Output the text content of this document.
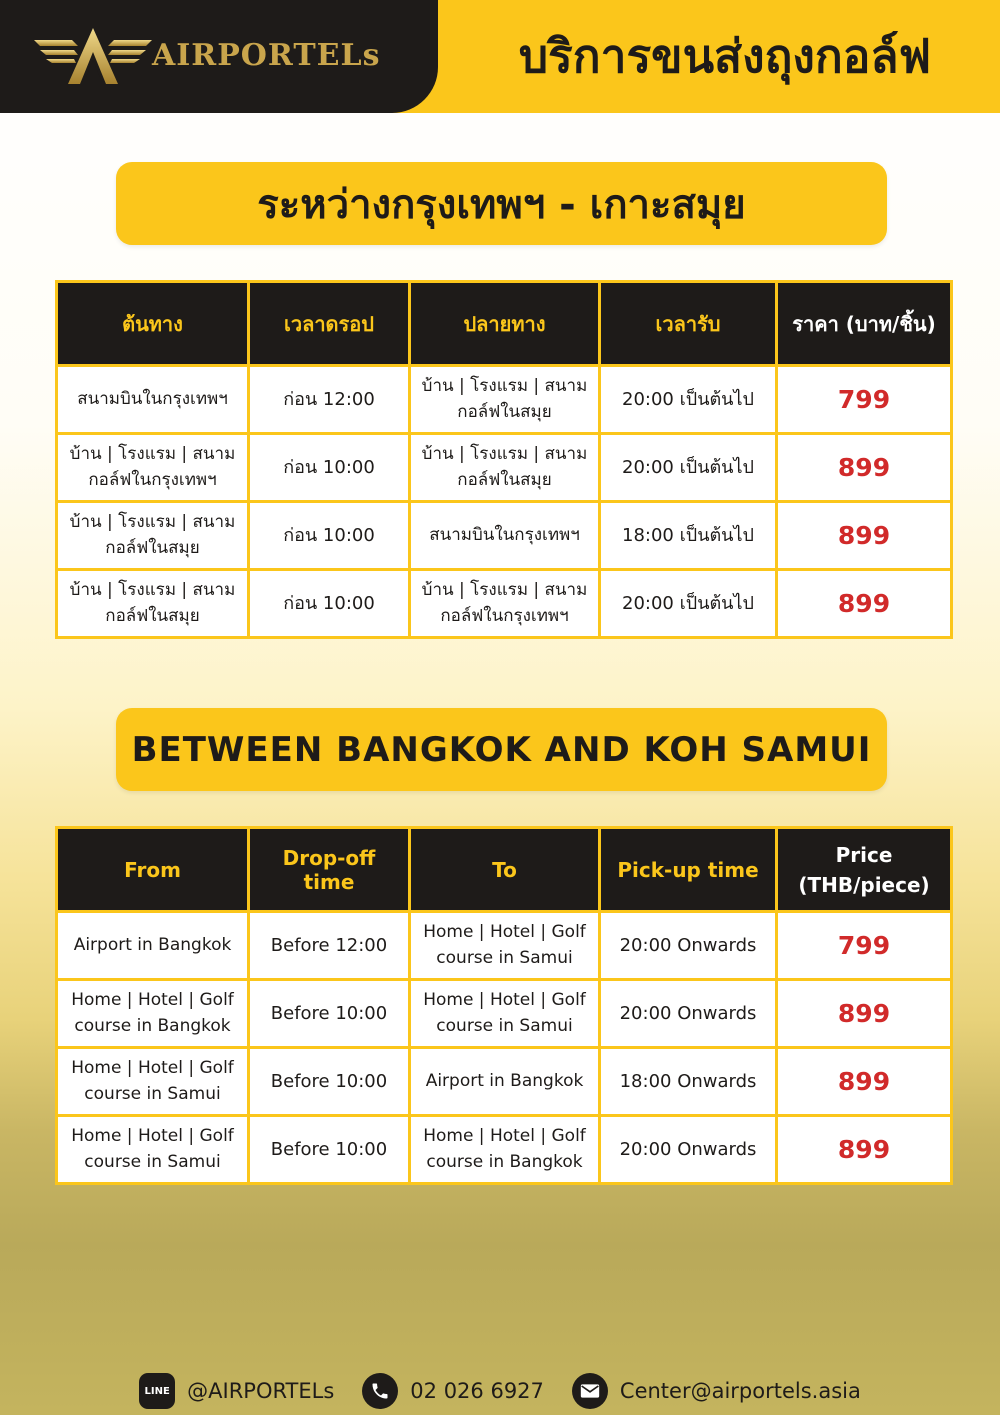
AIRPORTELs	บริการขนส่งถุงกอล์ฟ
ระหว่างกรุงเทพฯ - เกาะสมุย
ต้นทาง	เวลาดรอป	ปลายทาง	เวลารับ	ราคา (บาท/ชิ้น)
สนามบินในกรุงเทพฯ	ก่อน 12:00	บ้าน | โรงแรม | สนามกอล์ฟในสมุย	20:00 เป็นต้นไป	799
บ้าน | โรงแรม | สนามกอล์ฟในกรุงเทพฯ	ก่อน 10:00	บ้าน | โรงแรม | สนามกอล์ฟในสมุย	20:00 เป็นต้นไป	899
บ้าน | โรงแรม | สนามกอล์ฟในสมุย	ก่อน 10:00	สนามบินในกรุงเทพฯ	18:00 เป็นต้นไป	899
บ้าน | โรงแรม | สนามกอล์ฟในสมุย	ก่อน 10:00	บ้าน | โรงแรม | สนามกอล์ฟในกรุงเทพฯ	20:00 เป็นต้นไป	899
BETWEEN BANGKOK AND KOH SAMUI
From	Drop-off time	To	Pick-up time	Price (THB/piece)
Airport in Bangkok	Before 12:00	Home | Hotel | Golf course in Samui	20:00 Onwards	799
Home | Hotel | Golf course in Bangkok	Before 10:00	Home | Hotel | Golf course in Samui	20:00 Onwards	899
Home | Hotel | Golf course in Samui	Before 10:00	Airport in Bangkok	18:00 Onwards	899
Home | Hotel | Golf course in Samui	Before 10:00	Home | Hotel | Golf course in Bangkok	20:00 Onwards	899
LINE @AIRPORTELs	02 026 6927	Center@airportels.asia
